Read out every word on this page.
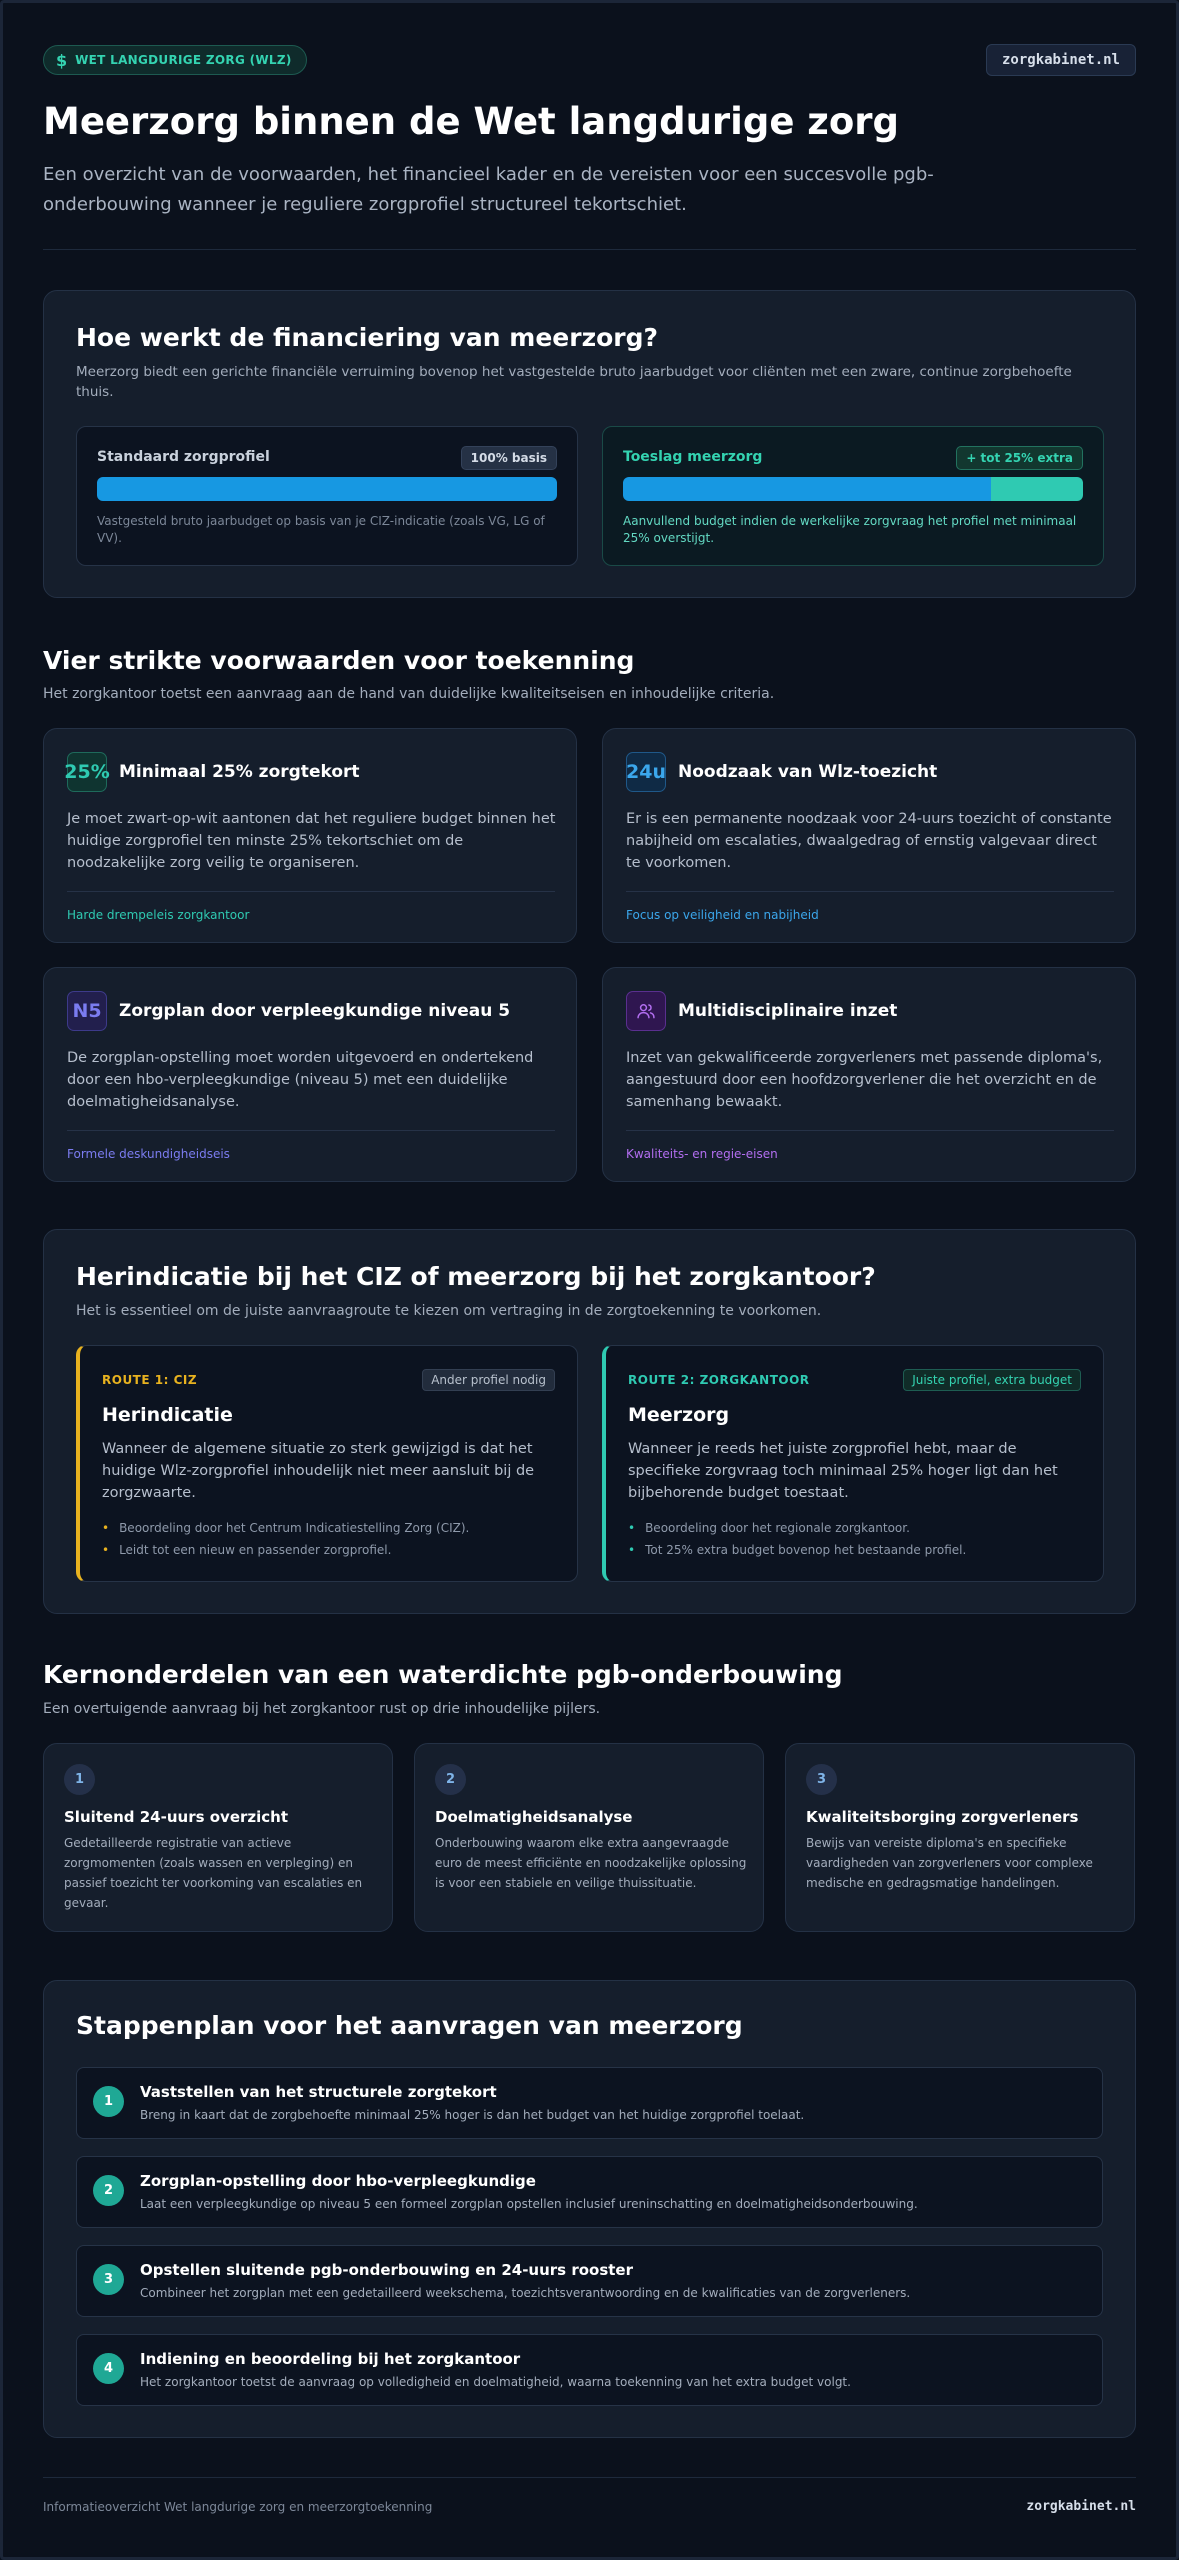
$ WET LANGDURIGE ZORG (WLZ)	zorgkabinet.nl
Meerzorg binnen de Wet langdurige zorg

Een overzicht van de voorwaarden, het financieel kader en de vereisten voor een succesvolle pgb-onderbouwing wanneer je reguliere zorgprofiel structureel tekortschiet.

Hoe werkt de financiering van meerzorg?
Meerzorg biedt een gerichte financiële verruiming bovenop het vastgestelde bruto jaarbudget voor cliënten met een zware, continue zorgbehoefte thuis.
Standaard zorgprofiel	100% basis
Vastgesteld bruto jaarbudget op basis van je CIZ-indicatie (zoals VG, LG of VV).
Toeslag meerzorg	+ tot 25% extra
Aanvullend budget indien de werkelijke zorgvraag het profiel met minimaal 25% overstijgt.
Vier strikte voorwaarden voor toekenning
Het zorgkantoor toetst een aanvraag aan de hand van duidelijke kwaliteitseisen en inhoudelijke criteria.
25% Minimaal 25% zorgtekort
Je moet zwart-op-wit aantonen dat het reguliere budget binnen het huidige zorgprofiel ten minste 25% tekortschiet om de noodzakelijke zorg veilig te organiseren.
Harde drempeleis zorgkantoor
24u Noodzaak van Wlz-toezicht
Er is een permanente noodzaak voor 24-uurs toezicht of constante nabijheid om escalaties, dwaalgedrag of ernstig valgevaar direct te voorkomen.
Focus op veiligheid en nabijheid
N5	Zorgplan door verpleegkundige niveau 5
De zorgplan-opstelling moet worden uitgevoerd en ondertekend door een hbo-verpleegkundige (niveau 5) met een duidelijke doelmatigheidsanalyse.
Formele deskundigheidseis
Multidisciplinaire inzet
Inzet van gekwalificeerde zorgverleners met passende diploma's, aangestuurd door een hoofdzorgverlener die het overzicht en de samenhang bewaakt.
Kwaliteits- en regie-eisen
Herindicatie bij het CIZ of meerzorg bij het zorgkantoor?
Het is essentieel om de juiste aanvraagroute te kiezen om vertraging in de zorgtoekenning te voorkomen.
ROUTE 1: CIZ	Ander profiel nodig
Herindicatie
Wanneer de algemene situatie zo sterk gewijzigd is dat het huidige Wlz-zorgprofiel inhoudelijk niet meer aansluit bij de zorgzwaarte.
• Beoordeling door het Centrum Indicatiestelling Zorg (CIZ).
• Leidt tot een nieuw en passender zorgprofiel.
ROUTE 2: ZORGKANTOOR	Juiste profiel, extra budget
Meerzorg
Wanneer je reeds het juiste zorgprofiel hebt, maar de specifieke zorgvraag toch minimaal 25% hoger ligt dan het bijbehorende budget toestaat.
• Beoordeling door het regionale zorgkantoor.
• Tot 25% extra budget bovenop het bestaande profiel.
Kernonderdelen van een waterdichte pgb-onderbouwing
Een overtuigende aanvraag bij het zorgkantoor rust op drie inhoudelijke pijlers.
1
Sluitend 24-uurs overzicht
Gedetailleerde registratie van actieve zorgmomenten (zoals wassen en verpleging) en passief toezicht ter voorkoming van escalaties en gevaar.
2
Doelmatigheidsanalyse
Onderbouwing waarom elke extra aangevraagde euro de meest efficiënte en noodzakelijke oplossing is voor een stabiele en veilige thuissituatie.
3
Kwaliteitsborging zorgverleners
Bewijs van vereiste diploma's en specifieke vaardigheden van zorgverleners voor complexe medische en gedragsmatige handelingen.
Stappenplan voor het aanvragen van meerzorg
1
Vaststellen van het structurele zorgtekort
Breng in kaart dat de zorgbehoefte minimaal 25% hoger is dan het budget van het huidige zorgprofiel toelaat.
2
Zorgplan-opstelling door hbo-verpleegkundige
Laat een verpleegkundige op niveau 5 een formeel zorgplan opstellen inclusief ureninschatting en doelmatigheidsonderbouwing.
3
Opstellen sluitende pgb-onderbouwing en 24-uurs rooster
Combineer het zorgplan met een gedetailleerd weekschema, toezichtsverantwoording en de kwalificaties van de zorgverleners.
4
Indiening en beoordeling bij het zorgkantoor
Het zorgkantoor toetst de aanvraag op volledigheid en doelmatigheid, waarna toekenning van het extra budget volgt.
Informatieoverzicht Wet langdurige zorg en meerzorgtoekenning	zorgkabinet.nl
